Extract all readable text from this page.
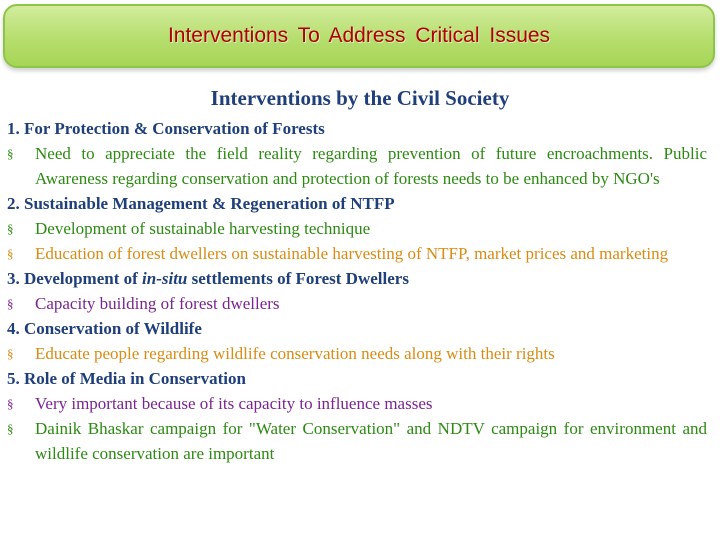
Interventions To Address Critical Issues
Interventions by the Civil Society
1. For Protection & Conservation of Forests
§	Need to appreciate the field reality regarding prevention of future encroachments. Public Awareness regarding conservation and protection of forests needs to be enhanced by NGO's
2. Sustainable Management & Regeneration of NTFP
§	Development of sustainable harvesting technique
§	Education of forest dwellers on sustainable harvesting of NTFP, market prices and marketing
3. Development of in-situ settlements of Forest Dwellers
§	Capacity building of forest dwellers
4. Conservation of Wildlife
§	Educate people regarding wildlife conservation needs along with their rights
5. Role of Media in Conservation
§	Very important because of its capacity to influence masses
§	Dainik Bhaskar campaign for "Water Conservation" and NDTV campaign for environment and wildlife conservation are important
